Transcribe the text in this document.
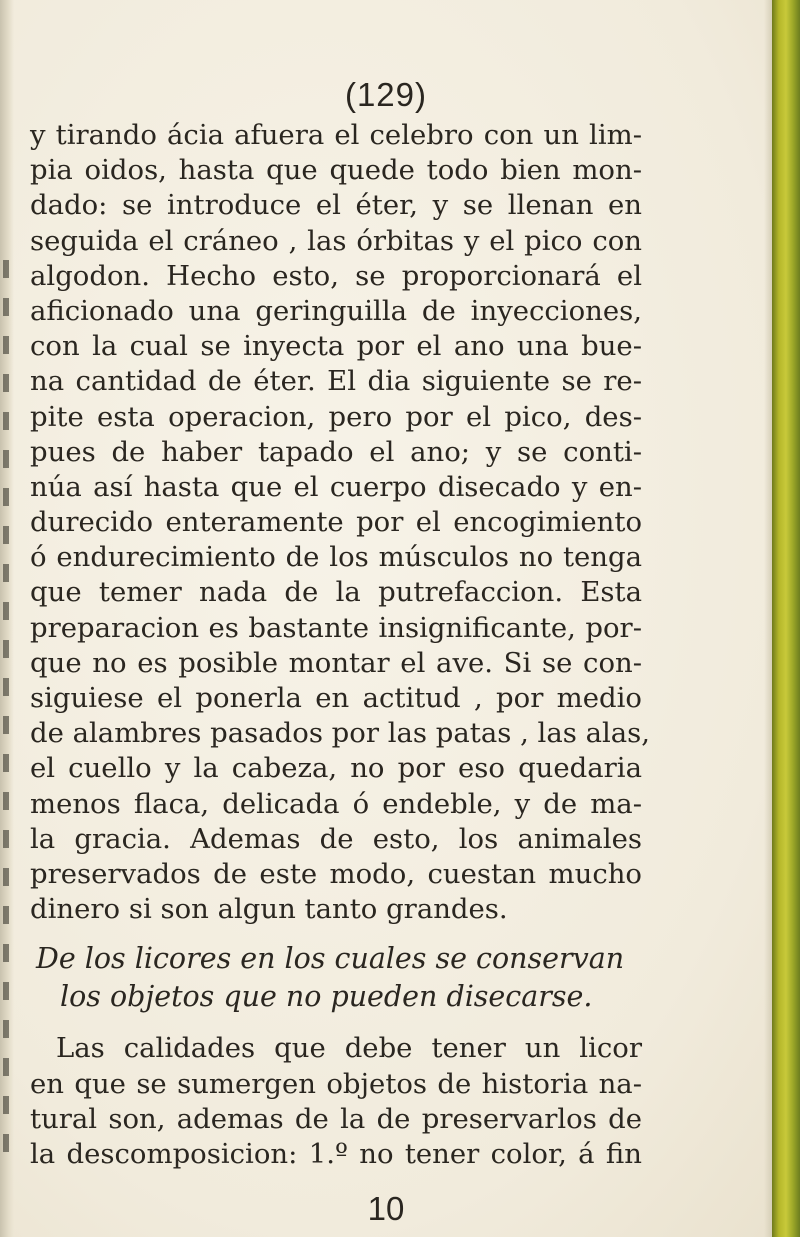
(129)
y tirando ácia afuera el celebro con un lim-
pia oidos, hasta que quede todo bien mon-
dado: se introduce el éter, y se llenan en
seguida el cráneo , las órbitas y el pico con
algodon. Hecho esto, se proporcionará el
aficionado una geringuilla de inyecciones,
con la cual se inyecta por el ano una bue-
na cantidad de éter. El dia siguiente se re-
pite esta operacion, pero por el pico, des-
pues de haber tapado el ano; y se conti-
núa así hasta que el cuerpo disecado y en-
durecido enteramente por el encogimiento
ó endurecimiento de los músculos no tenga
que temer nada de la putrefaccion. Esta
preparacion es bastante insignificante, por-
que no es posible montar el ave. Si se con-
siguiese el ponerla en actitud , por medio
de alambres pasados por las patas , las alas,
el cuello y la cabeza, no por eso quedaria
menos flaca, delicada ó endeble, y de ma-
la gracia. Ademas de esto, los animales
preservados de este modo, cuestan mucho
dinero si son algun tanto grandes.
De los licores en los cuales se conservan
los objetos que no pueden disecarse.
Las calidades que debe tener un licor
en que se sumergen objetos de historia na-
tural son, ademas de la de preservarlos de
la descomposicion: 1.º no tener color, á fin
10
